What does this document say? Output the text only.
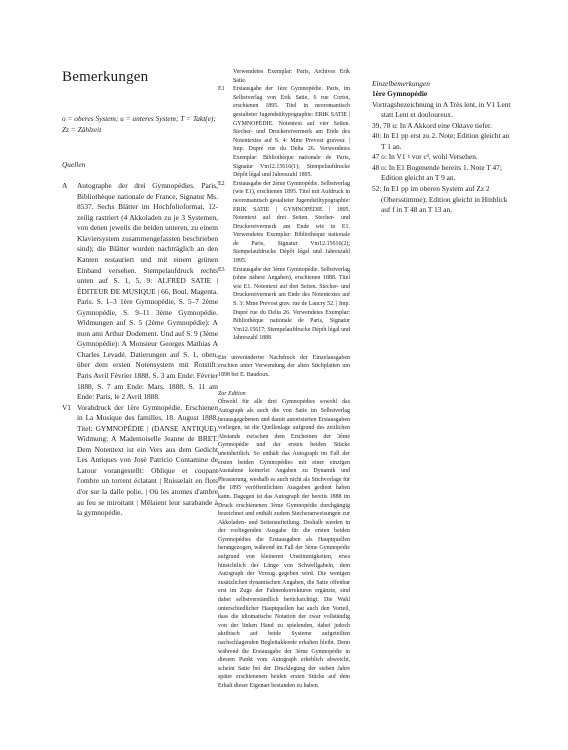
Bemerkungen

o = oberes System; u = unteres System; T = Takt(e); Zz = Zählzeit

Quellen

A	Autographe der drei Gymnopédies. Paris, Bibliothèque nationale de France, Signatur Ms. 8537. Sechs Blätter im Hochfolioformat, 12-zeilig rastriert (4 Akkoladen zu je 3 Systemen, von denen jeweils die beiden unteren, zu einem Klaviersystem zusammengefassten beschrieben sind); die Blätter wurden nachträglich an den Kanten restauriert und mit einem grünen Einband versehen. Stempelaufdruck rechts unten auf S. 1, 5, 9: ALFRED SATIE | ÉDITEUR DE MUSIQUE | 66, Boul. Magenta. Paris. S. 1–3 1ère Gymnopédie, S. 5–7 2ème Gymnopédie, S. 9–11 3ème Gymnopédie. Widmungen auf S. 5 (2ème Gymnopédie): A mon ami Arthur Dodement. Und auf S. 9 (3ème Gymnopédie): A Monsieur Georges Mathias A Charles Levadé. Datierungen auf S. 1, oben, über dem ersten Notensystem mit Rotstift: Paris Avril Février 1888. S. 3 am Ende: Février 1888, S. 7 am Ende: Mars. 1888, S. 11 am Ende: Paris, le 2 Avril 1888.
V1 Vorabdruck der 1ère Gymnopédie. Erschienen in La Musique des familles, 18. August 1888. Titel: GYMNOPÉDIE | (DANSE ANTIQUE). Widmung: A Mademoiselle Jeanne de BRET. Dem Notentext ist ein Vers aus dem Gedicht Les Antiques von José Patricio Contamine de Latour vorangestellt: Oblique et coupant l'ombre un torrent éclatant | Ruisselait en flots d'or sur la dalle polie, | Où les atomes d'ambre au feu se miroitant | Mêlaient leur sarabande à la gymnopédie.
Verwendetes Exemplar: Paris, Archives Erik Satie.
E1	Erstausgabe der 1ère Gymnopédie. Paris, im Selbstverlag von Erik Satie, 6 rue Cortot, erschienen 1895. Titel in neoromantisch gestalteter Jugendstiltypographie: ERIK SATIE | GYMNOPÉDIE. Notentext auf vier Seiten. Stecher- und Druckereivermerk am Ende des Notentextes auf S. 4: Mme Prevost graveur. | Imp. Dupré rue du Delta 26. Verwendetes Exemplar: Bibliothèque nationale de Paris, Signatur Vm12.15616(1); Stempelaufdrucke Dépôt légal und Jahreszahl 1895.
E2	Erstausgabe der 2ème Gymnopédie. Selbstverlag (wie E1), erschienen 1895. Titel mit Aufdruck in neoromantisch gestalteter Jugendstiltypographie: ERIK SATIE | GYMNOPÉDIE | 1895. Notentext auf drei Seiten. Stecher- und Druckereivermerk am Ende wie in E1. Verwendetes Exemplar: Bibliothèque nationale de Paris, Signatur Vm12.15616(2); Stempelaufdrucke Dépôt légal und Jahreszahl 1895.
E3	Erstausgabe der 3ème Gymnopédie. Selbstverlag (ohne nähere Angaben), erschienen 1888. Titel wie E1. Notentext auf drei Seiten. Stecher- und Druckereivermerk am Ende des Notentextes auf S. 3: Mme Prevost grav. rue de Lancry 52. | Imp. Dupré rue du Delta 26. Verwendetes Exemplar: Bibliothèque nationale de Paris, Signatur Vm12.15617; Stempelaufdrucke Dépôt légal und Jahreszahl 1888.

Ein unveränderter Nachdruck der Einzelausgaben erschien unter Verwendung der alten Stichplatten um 1898 bei E. Baudoux.

Zur Edition

Obwohl für alle drei Gymnopédies sowohl das Autograph als auch die von Satie im Selbstverlag herausgegebenen und damit autorisierten Erstausgaben vorliegen, ist die Quellenlage aufgrund des zeitlichen Abstands zwischen dem Erscheinen der 3ème Gymnopédie und der ersten beiden Stücke uneinheitlich. So enthält das Autograph im Fall der ersten beiden Gymnopédies mit einer einzigen Ausnahme keinerlei Angaben zu Dynamik und Phrasierung, weshalb es auch nicht als Stichvorlage für die 1895 veröffentlichten Ausgaben gedient haben kann. Dagegen ist das Autograph der bereits 1888 im Druck erschienenen 3ème Gymnopédie durchgängig bezeichnet und enthält zudem Stecheranweisungen zur Akkoladen- und Seitenaufteilung. Deshalb werden in der vorliegenden Ausgabe für die ersten beiden Gymnopédies die Erstausgaben als Hauptquellen herangezogen, während im Fall der 3ème Gymnopédie aufgrund von kleineren Unstimmigkeiten, etwa hinsichtlich der Länge von Schwellgabeln, dem Autograph der Vorzug gegeben wird. Die wenigen zusätzlichen dynamischen Angaben, die Satie offenbar erst im Zuge der Fahnenkorrekturen ergänzte, sind dabei selbstverständlich berücksichtigt. Die Wahl unterschiedlicher Hauptquellen hat auch den Vorteil, dass die idiomatische Notation der zwar vollständig von der linken Hand zu spielenden, dabei jedoch akribisch auf beide Systeme aufgeteilten nachschlagenden Begleitakkorde erhalten bleibt. Denn während die Erstausgabe der 3ème Gymnopédie in diesem Punkt vom Autograph erheblich abweicht, scheint Satie bei der Drucklegung der sieben Jahre später erschienenen beiden ersten Stücke auf dem Erhalt dieser Eigenart bestanden zu haben.

Einzelbemerkungen

1ère Gymnopédie

Vortragsbezeichnung in A Très lent, in V1 Lent statt Lent et douloureux.

39, 78 u: In A Akkord eine Oktave tiefer.

40: In E1 pp erst zu 2. Note; Edition gleicht an T 1 an.

47 o: In V1 ♮ vor c³, wohl Versehen.

48 o: In E1 Bogenende bereits 1. Note T 47; Edition gleicht an T 9 an.

52: In E1 pp im oberen System auf Zz 2 (Obersstimme); Edition gleicht in Hinblick auf f in T 48 an T 13 an.
